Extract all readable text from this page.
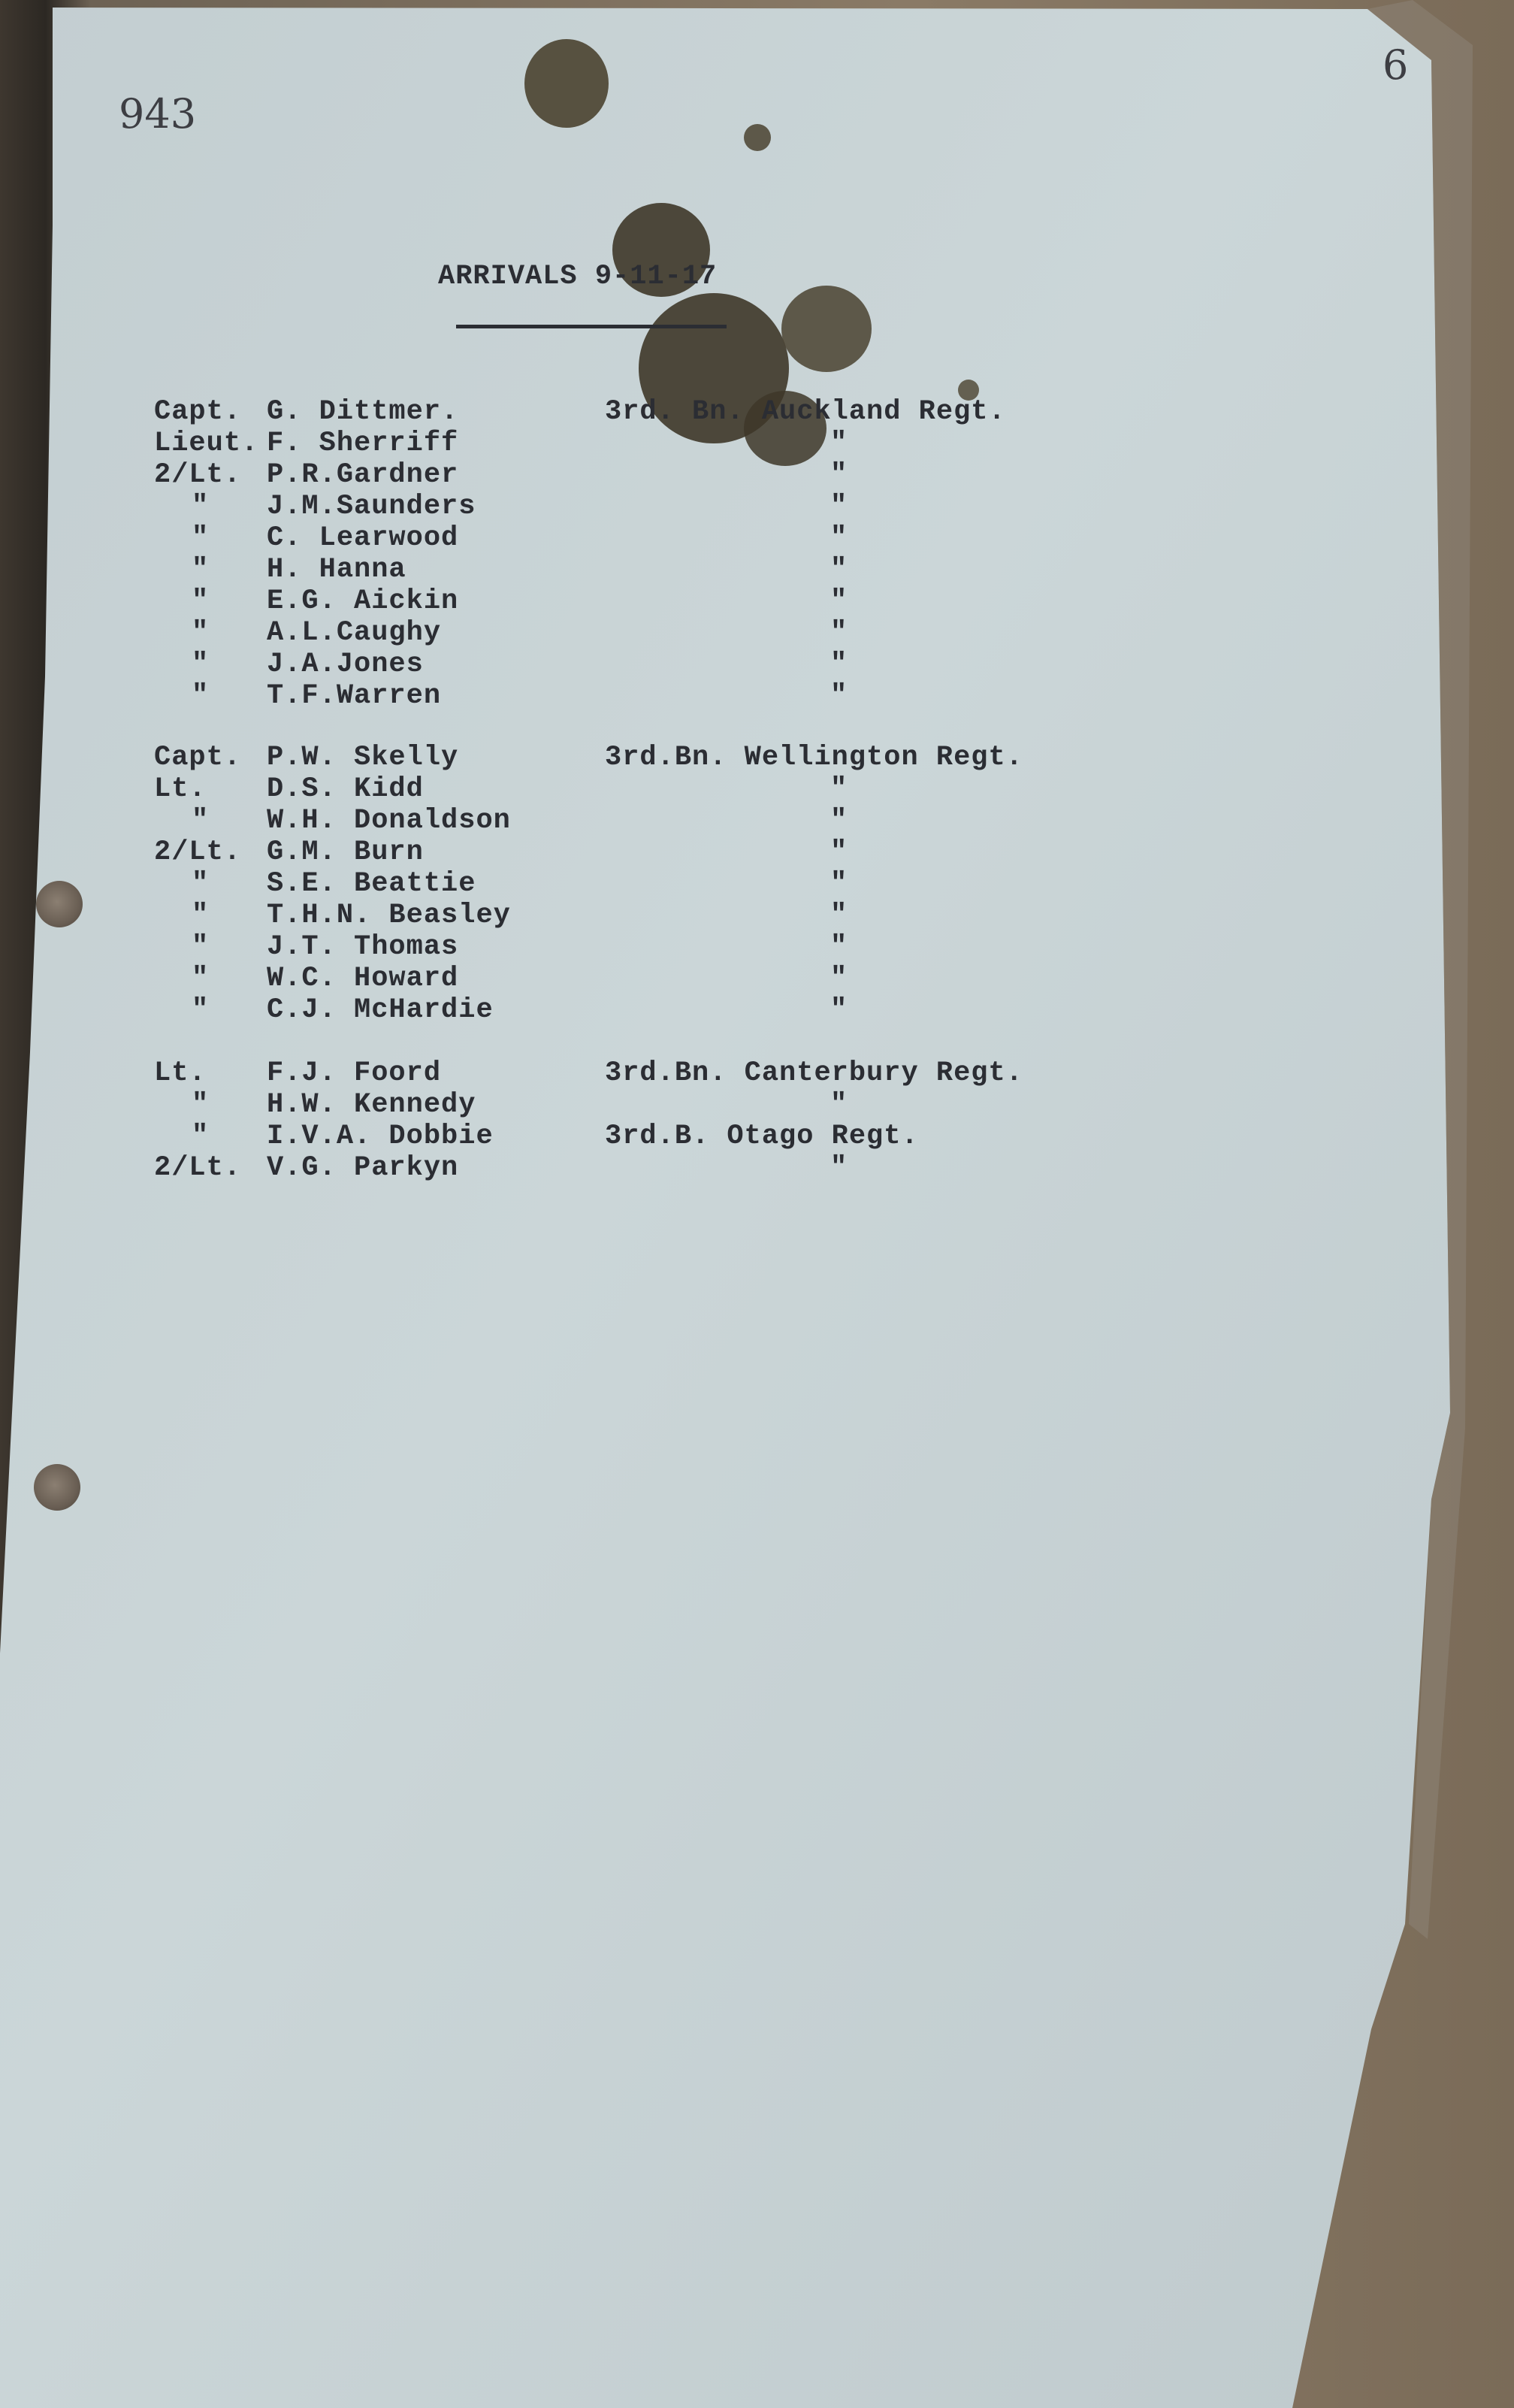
943
6
ARRIVALS 9-11-17
Capt. G. Dittmer.	3rd. Bn. Auckland Regt.
Lieut. F. Sherriff	"
2/Lt. P.R.Gardner	"
" J.M.Saunders	"
" C. Learwood	"
" H. Hanna	"
" E.G. Aickin	"
" A.L.Caughy	"
" J.A.Jones	"
" T.F.Warren	"
Capt. P.W. Skelly	3rd.Bn. Wellington Regt.
Lt. D.S. Kidd	"
" W.H. Donaldson	"
2/Lt. G.M. Burn	"
" S.E. Beattie	"
" T.H.N. Beasley	"
" J.T. Thomas	"
" W.C. Howard	"
" C.J. McHardie	"
Lt. F.J. Foord	3rd.Bn. Canterbury Regt.
" H.W. Kennedy	"
" I.V.A. Dobbie	3rd.B. Otago Regt.
2/Lt. V.G. Parkyn	"
